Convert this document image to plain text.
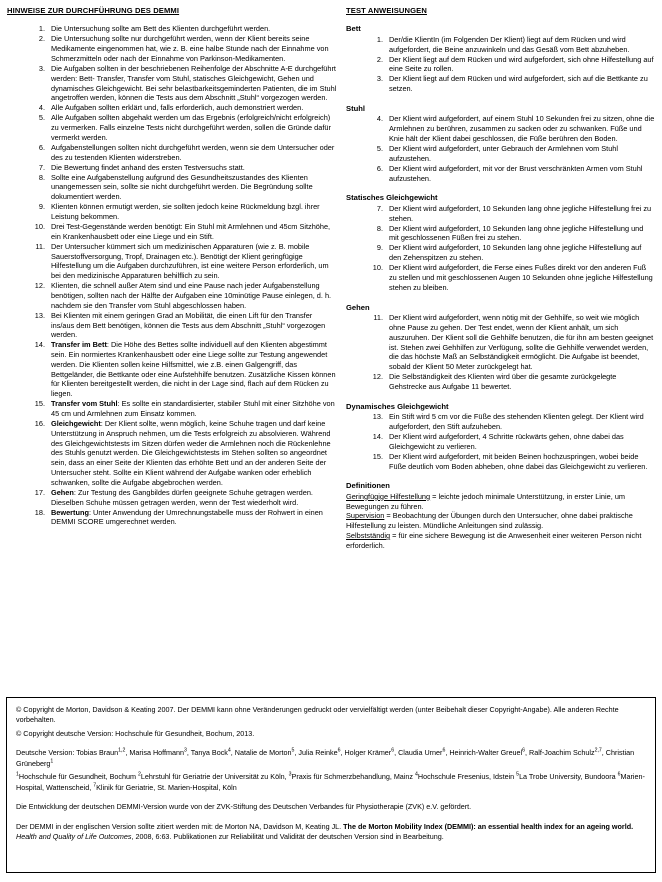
HINWEISE ZUR DURCHFÜHRUNG DES DEMMI
1. Die Untersuchung sollte am Bett des Klienten durchgeführt werden.
2. Die Untersuchung sollte nur durchgeführt werden, wenn der Klient bereits seine Medikamente eingenommen hat, wie z. B. eine halbe Stunde nach der Einnahme von Schmerzmitteln oder nach der Einnahme von Parkinson-Medikamenten.
3. Die Aufgaben sollten in der beschriebenen Reihenfolge der Abschnitte A-E durchgeführt werden: Bett- Transfer, Transfer vom Stuhl, statisches Gleichgewicht, Gehen und dynamisches Gleichgewicht. Bei sehr belastbarkeitsgeminderten Patienten, die im Stuhl angetroffen werden, können die Tests aus dem Abschnitt „Stuhl“ vorgezogen werden.
4. Alle Aufgaben sollten erklärt und, falls erforderlich, auch demonstriert werden.
5. Alle Aufgaben sollten abgehakt werden um das Ergebnis (erfolgreich/nicht erfolgreich) zu vermerken. Falls einzelne Tests nicht durchgeführt werden, sollen die Gründe dafür vermerkt werden.
6. Aufgabenstellungen sollten nicht durchgeführt werden, wenn sie dem Untersucher oder des zu testenden Klienten widerstreben.
7. Die Bewertung findet anhand des ersten Testversuchs statt.
8. Sollte eine Aufgabenstellung aufgrund des Gesundheitszustandes des Klienten unangemessen sein, sollte sie nicht durchgeführt werden. Die Begründung sollte dokumentiert werden.
9. Klienten können ermutigt werden, sie sollten jedoch keine Rückmeldung bzgl. ihrer Leistung bekommen.
10. Drei Test-Gegenstände werden benötigt: Ein Stuhl mit Armlehnen und 45cm Sitzhöhe, ein Krankenhausbett oder eine Liege und ein Stift.
11. Der Untersucher kümmert sich um medizinischen Apparaturen (wie z. B. mobile Sauerstoffversorgung, Tropf, Drainagen etc.). Benötigt der Klient geringfügige Hilfestellung um die Aufgaben durchzuführen, ist eine weitere Person erforderlich, um bei den medizinische Apparaturen behilflich zu sein.
12. Klienten, die schnell außer Atem sind und eine Pause nach jeder Aufgabenstellung benötigen, sollten nach der Hälfte der Aufgaben eine 10minütige Pause einlegen, d. h. nachdem sie den Transfer vom Stuhl abgeschlossen haben.
13. Bei Klienten mit einem geringen Grad an Mobilität, die einen Lift für den Transfer ins/aus dem Bett benötigen, können die Tests aus dem Abschnitt „Stuhl“ vorgezogen werden.
14. Transfer im Bett: Die Höhe des Bettes sollte individuell auf den Klienten abgestimmt sein. Ein normiertes Krankenhausbett oder eine Liege sollte zur Testung angewendet werden. Die Klienten sollen keine Hilfsmittel, wie z.B. einen Galgengriff, das Bettgeländer, die Bettkante oder eine Aufstehhilfe benutzen. Zusätzliche Kissen können für Klienten bereitgestellt werden, die nicht in der Lage sind, flach auf dem Rücken zu liegen.
15. Transfer vom Stuhl: Es sollte ein standardisierter, stabiler Stuhl mit einer Sitzhöhe von 45 cm und Armlehnen zum Einsatz kommen.
16. Gleichgewicht: Der Klient sollte, wenn möglich, keine Schuhe tragen und darf keine Unterstützung in Anspruch nehmen, um die Tests erfolgreich zu absolvieren. Während des Gleichgewichtstests im Sitzen dürfen weder die Armlehnen noch die Rückenlehne des Stuhls genutzt werden. Die Gleichgewichtstests im Stehen sollten so angeordnet sein, dass an einer Seite der Klienten das erhöhte Bett und an der anderen Seite der Untersucher steht. Sollte ein Klient während der Aufgabe wanken oder erheblich schwanken, sollte die Aufgabe abgebrochen werden.
17. Gehen: Zur Testung des Gangbildes dürfen geeignete Schuhe getragen werden. Dieselben Schuhe müssen getragen werden, wenn der Test wiederholt wird.
18. Bewertung: Unter Anwendung der Umrechnungstabelle muss der Rohwert in einen DEMMI SCORE umgerechnet werden.
TEST ANWEISUNGEN
Bett
1. Der/die KlientIn (im Folgenden Der Klient) liegt auf dem Rücken und wird aufgefordert, die Beine anzuwinkeln und das Gesäß vom Bett abzuheben.
2. Der Klient liegt auf dem Rücken und wird aufgefordert, sich ohne Hilfestellung auf eine Seite zu rollen.
3. Der Klient liegt auf dem Rücken und wird aufgefordert, sich auf die Bettkante zu setzen.
Stuhl
4. Der Klient wird aufgefordert, auf einem Stuhl 10 Sekunden frei zu sitzen, ohne die Armlehnen zu berühren, zusammen zu sacken oder zu schwanken. Füße und Knie hält der Klient dabei geschlossen, die Füße berühren den Boden.
5. Der Klient wird aufgefordert, unter Gebrauch der Armlehnen vom Stuhl aufzustehen.
6. Der Klient wird aufgefordert, mit vor der Brust verschränkten Armen vom Stuhl aufzustehen.
Statisches Gleichgewicht
7. Der Klient wird aufgefordert, 10 Sekunden lang ohne jegliche Hilfestellung frei zu stehen.
8. Der Klient wird aufgefordert, 10 Sekunden lang ohne jegliche Hilfestellung und mit geschlossenen Füßen frei zu stehen.
9. Der Klient wird aufgefordert, 10 Sekunden lang ohne jegliche Hilfestellung auf den Zehenspitzen zu stehen.
10. Der Klient wird aufgefordert, die Ferse eines Fußes direkt vor den anderen Fuß zu stellen und mit geschlossenen Augen 10 Sekunden ohne jegliche Hilfestellung stehen zu bleiben.
Gehen
11. Der Klient wird aufgefordert, wenn nötig mit der Gehhilfe, so weit wie möglich ohne Pause zu gehen. Der Test endet, wenn der Klient anhält, um sich auszuruhen. Der Klient soll die Gehhilfe benutzen, die für ihn am besten geeignet ist. Stehen zwei Gehhilfen zur Verfügung, sollte die Gehhilfe verwendet werden, die das höchste Maß an Selbständigkeit ermöglicht. Die Aufgabe ist beendet, sobald der Klient 50 Meter zurückgelegt hat.
12. Die Selbständigkeit des Klienten wird über die gesamte zurückgelegte Gehstrecke aus Aufgabe 11 bewertet.
Dynamisches Gleichgewicht
13. Ein Stift wird 5 cm vor die Füße des stehenden Klienten gelegt. Der Klient wird aufgefordert, den Stift aufzuheben.
14. Der Klient wird aufgefordert, 4 Schritte rückwärts gehen, ohne dabei das Gleichgewicht zu verlieren.
15. Der Klient wird aufgefordert, mit beiden Beinen hochzuspringen, wobei beide Füße deutlich vom Boden abheben, ohne dabei das Gleichgewicht zu verlieren.
Definitionen
Geringfügige Hilfestellung = leichte jedoch minimale Unterstützung, in erster Linie, um Bewegungen zu führen.
Supervision = Beobachtung der Übungen durch den Untersucher, ohne dabei praktische Hilfestellung zu leisten. Mündliche Anleitungen sind zulässig.
Selbstständig = für eine sichere Bewegung ist die Anwesenheit einer weiteren Person nicht erforderlich.
© Copyright de Morton, Davidson & Keating 2007. Der DEMMI kann ohne Veränderungen gedruckt oder vervielfältigt werden (unter Beibehalt dieser Copyright-Angabe). Alle anderen Rechte vorbehalten.
© Copyright deutsche Version: Hochschule für Gesundheit, Bochum, 2013.
Deutsche Version: Tobias Braun$^{1,2}$, Marisa Hoffmann$^3$, Tanya Bock$^4$, Natalie de Morton$^5$, Julia Reinke$^6$, Holger Krämer$^6$, Claudia Urner$^6$, Heinrich-Walter Greuel$^6$, Ralf-Joachim Schulz$^{2,7}$, Christian Grüneberg$^1$
$^1$Hochschule für Gesundheit, Bochum $^2$Lehrstuhl für Geriatrie der Universität zu Köln, $^3$Praxis für Schmerzbehandlung, Mainz $^4$Hochschule Fresenius, Idstein $^5$La Trobe University, Bundoora $^6$Marien-Hospital, Wattenscheid, $^7$Klinik für Geriatrie, St. Marien-Hospital, Köln
Die Entwicklung der deutschen DEMMI-Version wurde von der ZVK-Stiftung des Deutschen Verbandes für Physiotherapie (ZVK) e.V. gefördert.
Der DEMMI in der englischen Version sollte zitiert werden mit: de Morton NA, Davidson M, Keating JL. The de Morton Mobility Index (DEMMI): an essential health index for an ageing world. Health and Quality of Life Outcomes, 2008, 6:63. Publikationen zur Reliabilität und Validität der deutschen Version sind in Bearbeitung.
